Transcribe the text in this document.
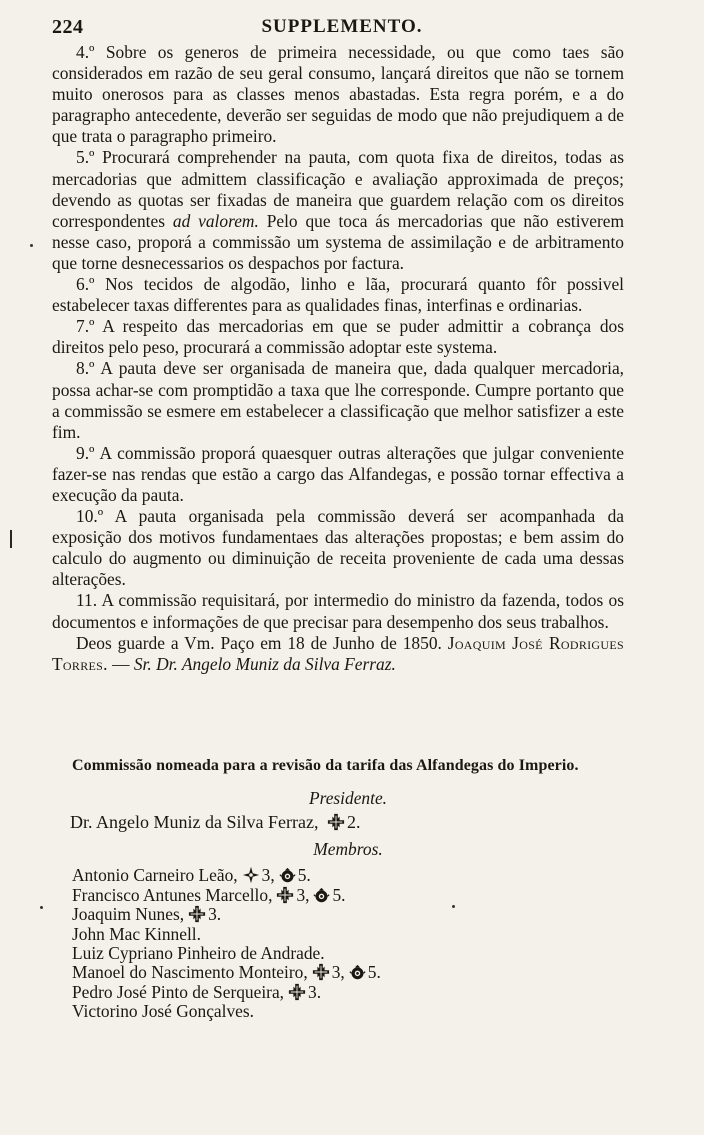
224	SUPPLEMENTO.

4.º Sobre os generos de primeira necessidade, ou que como taes são considerados em razão de seu geral consumo, lançará direitos que não se tornem muito onerosos para as classes menos abastadas. Esta regra porém, e a do paragrapho antecedente, deverão ser seguidas de modo que não prejudiquem a de que trata o paragrapho primeiro.

5.º Procurará comprehender na pauta, com quota fixa de direitos, todas as mercadorias que admittem classificação e avaliação approximada de preços; devendo as quotas ser fixadas de maneira que guardem relação com os direitos correspondentes ad valorem. Pelo que toca ás mercadorias que não estiverem nesse caso, proporá a commissão um systema de assimilação e de arbitramento que torne desnecessarios os despachos por factura.

6.º Nos tecidos de algodão, linho e lãa, procurará quanto fôr possivel estabelecer taxas differentes para as qualidades finas, interfinas e ordinarias.

7.º A respeito das mercadorias em que se puder admittir a cobrança dos direitos pelo peso, procurará a commissão adoptar este systema.

8.º A pauta deve ser organisada de maneira que, dada qualquer mercadoria, possa achar-se com promptidão a taxa que lhe corresponde. Cumpre portanto que a commissão se esmere em estabelecer a classificação que melhor satisfizer a este fim.

9.º A commissão proporá quaesquer outras alterações que julgar conveniente fazer-se nas rendas que estão a cargo das Alfandegas, e possão tornar effectiva a execução da pauta.

10.º A pauta organisada pela commissão deverá ser acompanhada da exposição dos motivos fundamentaes das alterações propostas; e bem assim do calculo do augmento ou diminuição de receita proveniente de cada uma dessas alterações.

11. A commissão requisitará, por intermedio do ministro da fazenda, todos os documentos e informações de que precisar para desempenho dos seus trabalhos.

Deos guarde a Vm. Paço em 18 de Junho de 1850. Joaquim José Rodrigues Torres. — Sr. Dr. Angelo Muniz da Silva Ferraz.

Commissão nomeada para a revisão da tarifa das Alfandegas do Imperio.
Presidente.
Dr. Angelo Muniz da Silva Ferraz, 2.
Membros.
Antonio Carneiro Leão, 3, 5.
Francisco Antunes Marcello, 3, 5.
Joaquim Nunes, 3.
John Mac Kinnell.
Luiz Cypriano Pinheiro de Andrade.
Manoel do Nascimento Monteiro, 3, 5.
Pedro José Pinto de Serqueira, 3.
Victorino José Gonçalves.
